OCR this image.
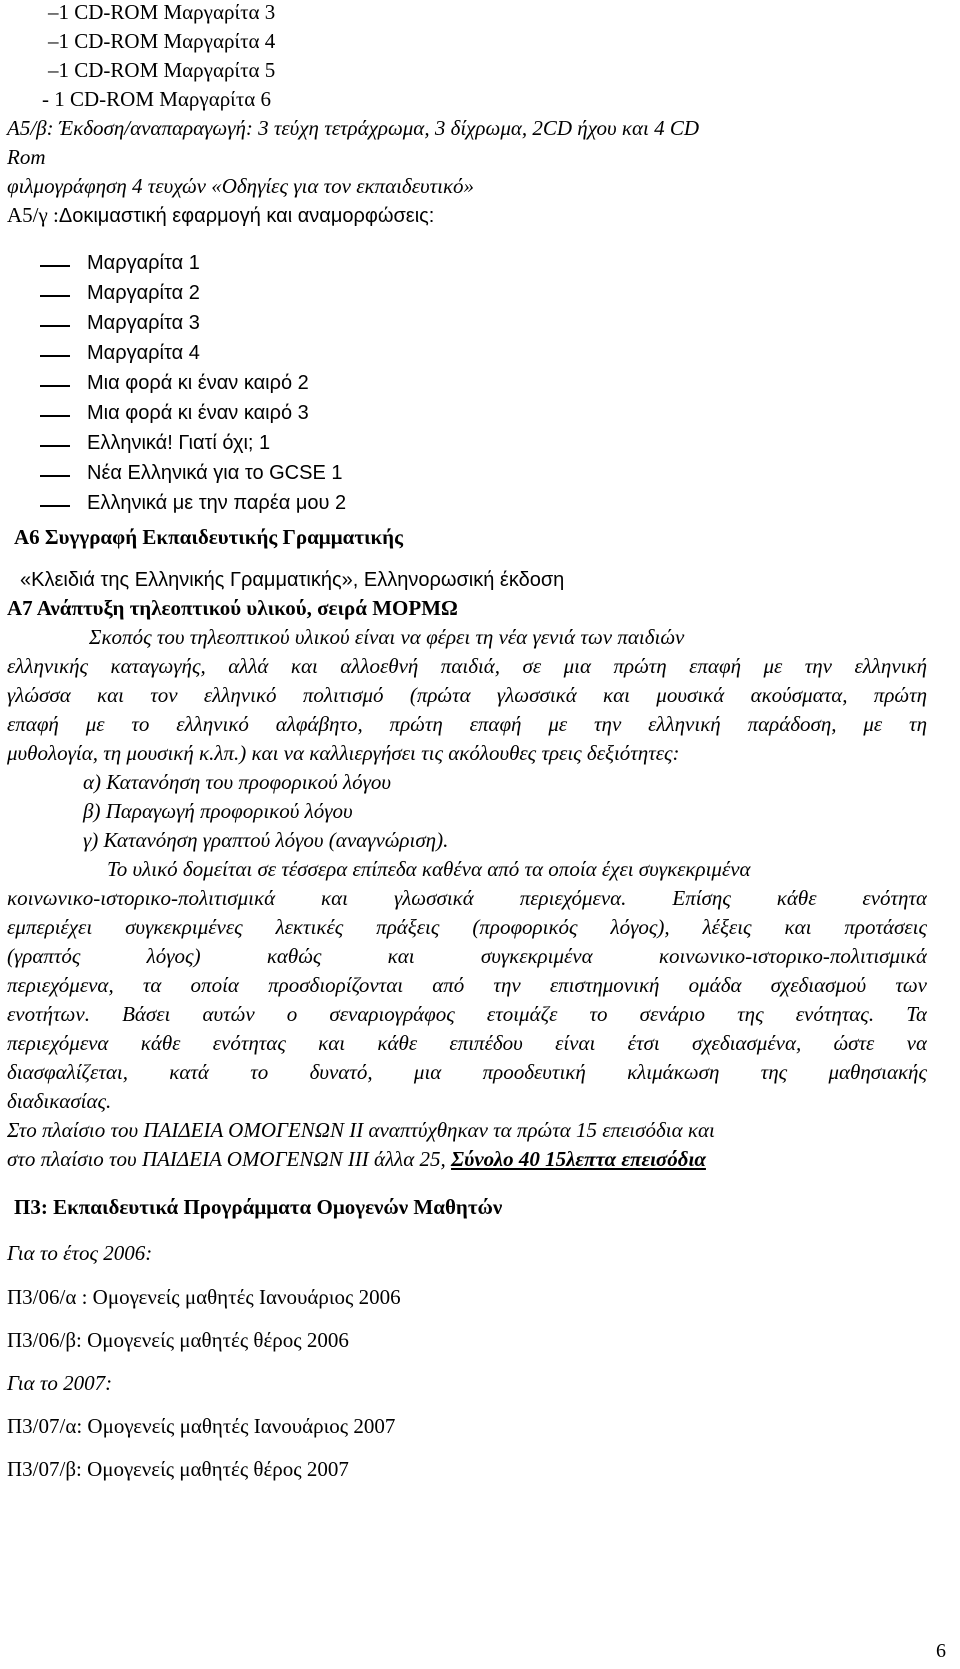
–1 CD-ROM Μαργαρίτα 3
–1 CD-ROM Μαργαρίτα 4
–1 CD-ROM Μαργαρίτα 5
- 1 CD-ROM Μαργαρίτα 6
Α5/β: Έκδοση/αναπαραγωγή: 3 τεύχη τετράχρωμα, 3 δίχρωμα, 2CD ήχου και 4 CD
Rom
φιλμογράφηση 4 τευχών «Οδηγίες για τον εκπαιδευτικό»
Α5/γ :Δοκιμαστική εφαρμογή και αναμορφώσεις:
Μαργαρίτα 1
Μαργαρίτα 2
Μαργαρίτα 3
Μαργαρίτα 4
Μια φορά κι έναν καιρό 2
Μια φορά κι έναν καιρό 3
Ελληνικά! Γιατί όχι; 1
Νέα Ελληνικά για το GCSE 1
Ελληνικά με την παρέα μου 2
Α6 Συγγραφή Εκπαιδευτικής Γραμματικής
«Κλειδιά της Ελληνικής Γραμματικής», Ελληνορωσική έκδοση
Α7 Ανάπτυξη τηλεοπτικού υλικού, σειρά ΜΟΡΜΩ
Σκοπός του τηλεοπτικού υλικού είναι να φέρει τη νέα γενιά των παιδιών
ελληνικής καταγωγής, αλλά και αλλοεθνή παιδιά, σε μια πρώτη επαφή με την ελληνική
γλώσσα και τον ελληνικό πολιτισμό (πρώτα γλωσσικά και μουσικά ακούσματα, πρώτη
επαφή με το ελληνικό αλφάβητο, πρώτη επαφή με την ελληνική παράδοση, με τη
μυθολογία, τη μουσική κ.λπ.) και να καλλιεργήσει τις ακόλουθες τρεις δεξιότητες:
α) Κατανόηση του προφορικού λόγου
β) Παραγωγή προφορικού λόγου
γ) Κατανόηση γραπτού λόγου (αναγνώριση).
Το υλικό δομείται σε τέσσερα επίπεδα καθένα από τα οποία έχει συγκεκριμένα
κοινωνικο-ιστορικο-πολιτισμικά και γλωσσικά περιεχόμενα. Επίσης κάθε ενότητα
εμπεριέχει συγκεκριμένες λεκτικές πράξεις (προφορικός λόγος), λέξεις και προτάσεις
(γραπτός λόγος) καθώς και συγκεκριμένα κοινωνικο-ιστορικο-πολιτισμικά
περιεχόμενα, τα οποία προσδιορίζονται από την επιστημονική ομάδα σχεδιασμού των
ενοτήτων. Βάσει αυτών ο σεναριογράφος ετοιμάζε το σενάριο της ενότητας. Τα
περιεχόμενα κάθε ενότητας και κάθε επιπέδου είναι έτσι σχεδιασμένα, ώστε να
διασφαλίζεται, κατά το δυνατό, μια προοδευτική κλιμάκωση της μαθησιακής
διαδικασίας.
Στο πλαίσιο του ΠΑΙΔΕΙΑ ΟΜΟΓΕΝΩΝ ΙΙ αναπτύχθηκαν τα πρώτα 15 επεισόδια και
στο πλαίσιο του ΠΑΙΔΕΙΑ ΟΜΟΓΕΝΩΝ ΙΙΙ άλλα 25, Σύνολο 40 15λεπτα επεισόδια
Π3: Εκπαιδευτικά Προγράμματα Ομογενών Μαθητών
Για το έτος 2006:
Π3/06/α : Ομογενείς μαθητές Ιανουάριος 2006
Π3/06/β: Ομογενείς μαθητές θέρος 2006
Για το 2007:
Π3/07/α: Ομογενείς μαθητές Ιανουάριος 2007
Π3/07/β: Ομογενείς μαθητές θέρος 2007
6
